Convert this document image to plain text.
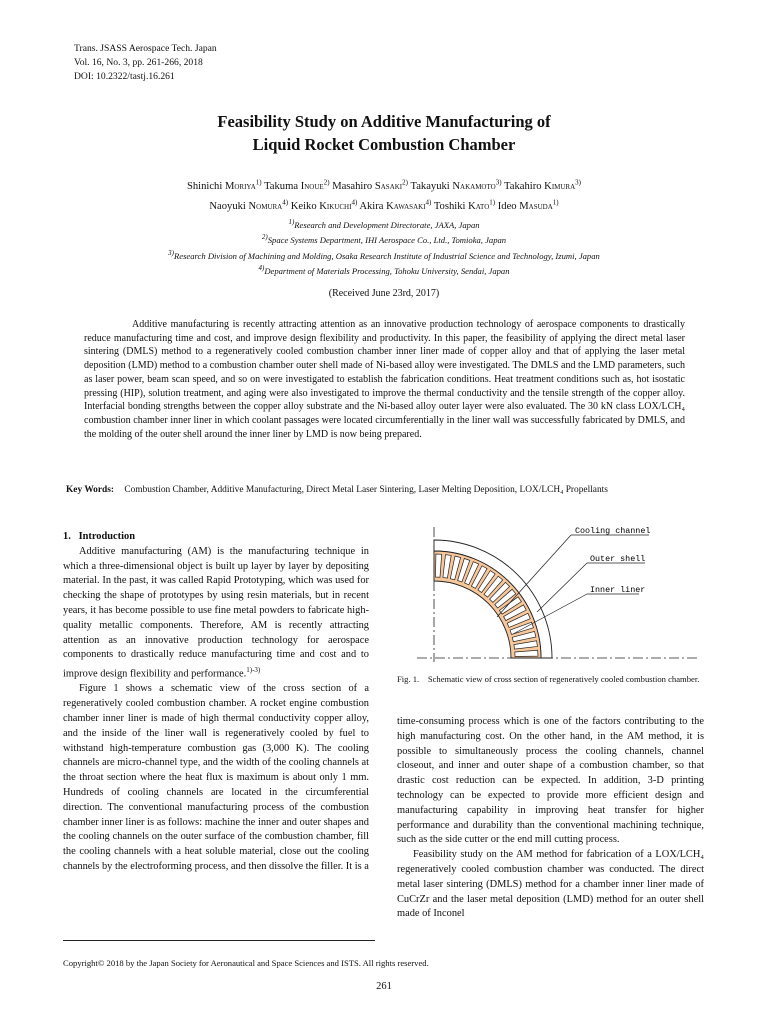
Trans. JSASS Aerospace Tech. Japan
Vol. 16, No. 3, pp. 261-266, 2018
DOI: 10.2322/tastj.16.261
Feasibility Study on Additive Manufacturing of
Liquid Rocket Combustion Chamber
Shinichi Moriya$^{1)}$ Takuma Inoue$^{2)}$ Masahiro Sasaki$^{2)}$ Takayuki Nakamoto$^{3)}$ Takahiro Kimura$^{3)}$
Naoyuki Nomura$^{4)}$ Keiko Kikuchi$^{4)}$ Akira Kawasaki$^{4)}$ Toshiki Kato$^{1)}$ Ideo Masuda$^{1)}$
$^{1)}$Research and Development Directorate, JAXA, Japan
$^{2)}$Space Systems Department, IHI Aerospace Co., Ltd., Tomioka, Japan
$^{3)}$Research Division of Machining and Molding, Osaka Research Institute of Industrial Science and Technology, Izumi, Japan
$^{4)}$Department of Materials Processing, Tohoku University, Sendai, Japan
(Received June 23rd, 2017)
Additive manufacturing is recently attracting attention as an innovative production technology of aerospace components to drastically reduce manufacturing time and cost, and improve design flexibility and productivity. In this paper, the feasibility of applying the direct metal laser sintering (DMLS) method to a regeneratively cooled combustion chamber inner liner made of copper alloy and that of applying the laser metal deposition (LMD) method to a combustion chamber outer shell made of Ni-based alloy were investigated. The DMLS and the LMD parameters, such as laser power, beam scan speed, and so on were investigated to establish the fabrication conditions. Heat treatment conditions such as, hot isostatic pressing (HIP), solution treatment, and aging were also investigated to improve the thermal conductivity and the tensile strength of the copper alloy. Interfacial bonding strengths between the copper alloy substrate and the Ni-based alloy outer layer were also evaluated. The 30 kN class LOX/LCH₄ combustion chamber inner liner in which coolant passages were located circumferentially in the liner wall was successfully fabricated by DMLS, and the molding of the outer shell around the inner liner by LMD is now being prepared.
Key Words: Combustion Chamber, Additive Manufacturing, Direct Metal Laser Sintering, Laser Melting Deposition, LOX/LCH₄ Propellants

1.   Introduction

Additive manufacturing (AM) is the manufacturing technique in which a three-dimensional object is built up layer by layer by depositing material. In the past, it was called Rapid Prototyping, which was used for checking the shape of prototypes by using resin materials, but in recent years, it has become possible to use fine metal powders to fabricate high-quality metallic components. Therefore, AM is recently attracting attention as an innovative production technology for aerospace components to drastically reduce manufacturing time and cost and to improve design flexibility and performance.$^{1)-3)}$

Figure 1 shows a schematic view of the cross section of a regeneratively cooled combustion chamber. A rocket engine combustion chamber inner liner is made of high thermal conductivity copper alloy, and the inside of the liner wall is regeneratively cooled by fuel to withstand high-temperature combustion gas (3,000 K). The cooling channels are micro-channel type, and the width of the cooling channels at the throat section where the heat flux is maximum is about only 1 mm. Hundreds of cooling channels are located in the circumferential direction. The conventional manufacturing process of the combustion chamber inner liner is as follows: machine the inner and outer shapes and the cooling channels on the outer surface of the combustion chamber, fill the cooling channels with a heat soluble material, close out the cooling channels by the electroforming process, and then dissolve the filler. It is a

Cooling channel
Outer shell
Inner liner
Fig. 1. Schematic view of cross section of regeneratively cooled combustion chamber.

time-consuming process which is one of the factors contributing to the high manufacturing cost. On the other hand, in the AM method, it is possible to simultaneously process the cooling channels, channel closeout, and inner and outer shape of a combustion chamber, so that drastic cost reduction can be expected. In addition, 3-D printing technology can be expected to provide more efficient design and manufacturing capability in improving heat transfer for higher performance and durability than the conventional machining technique, such as the side cutter or the end mill cutting process.

Feasibility study on the AM method for fabrication of a LOX/LCH₄ regeneratively cooled combustion chamber was conducted. The direct metal laser sintering (DMLS) method for a chamber inner liner made of CuCrZr and the laser metal deposition (LMD) method for an outer shell made of Inconel

Copyright© 2018 by the Japan Society for Aeronautical and Space Sciences and ISTS. All rights reserved.
261
